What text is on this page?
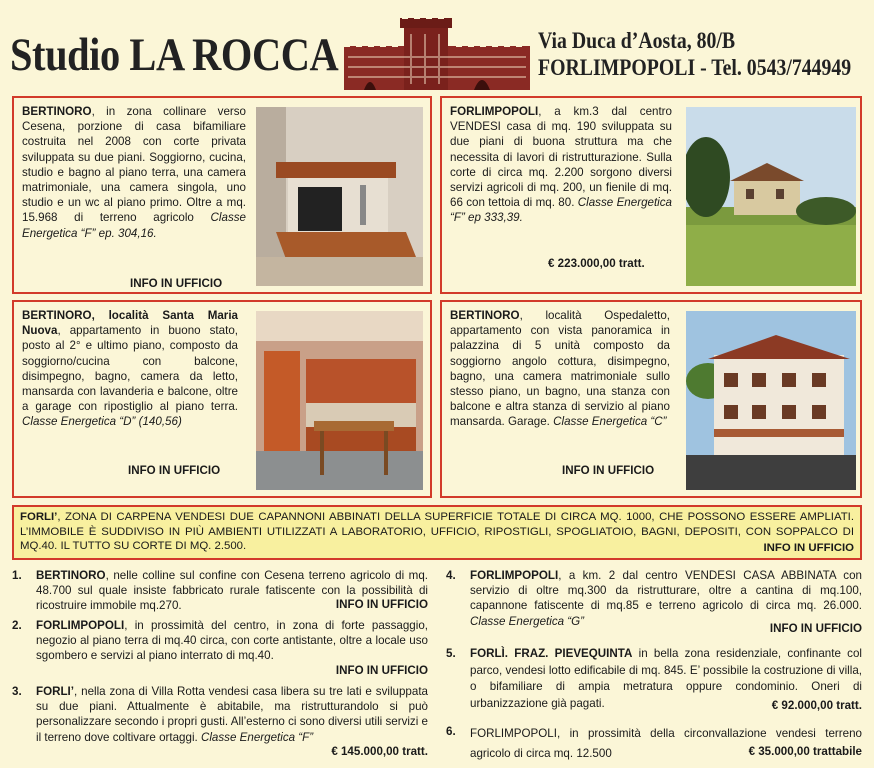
Studio LA ROCCA	Via Duca d’Aosta, 80/B
FORLIMPOPOLI - Tel. 0543/744949
BERTINORO, in zona collinare verso Cesena, porzione di casa bifamiliare costruita nel 2008 con corte privata sviluppata su due piani. Soggiorno, cucina, studio e bagno al piano terra, una camera matrimoniale, una camera singola, uno studio e un wc al piano primo. Oltre a mq. 15.968 di terreno agricolo Classe Energetica “F” ep. 304,16.
INFO IN UFFICIO
FORLIMPOPOLI, a km.3 dal centro VENDESI casa di mq. 190 sviluppata su due piani di buona struttura ma che necessita di lavori di ristrutturazione. Sulla corte di circa mq. 2.200 sorgono diversi servizi agricoli di mq. 200, un fienile di mq. 66 con tettoia di mq. 80. Classe Energetica “F” ep 333,39.
€ 223.000,00 tratt.
BERTINORO, località Santa Maria Nuova, appartamento in buono stato, posto al 2° e ultimo piano, composto da soggiorno/cucina con balcone, disimpegno, bagno, camera da letto, mansarda con lavanderia e balcone, oltre a garage con ripostiglio al piano terra. Classe Energetica “D” (140,56)
INFO IN UFFICIO
BERTINORO, località Ospedaletto, appartamento con vista panoramica in palazzina di 5 unità composto da soggiorno angolo cottura, disimpegno, bagno, una camera matrimoniale sullo stesso piano, un bagno, una stanza con balcone e altra stanza di servizio al piano mansarda. Garage. Classe Energetica “C”
INFO IN UFFICIO
FORLI’, ZONA DI CARPENA VENDESI DUE CAPANNONI ABBINATI DELLA SUPERFICIE TOTALE DI CIRCA MQ. 1000, CHE POSSONO ESSERE AMPLIATI. L’IMMOBILE È SUDDIVISO IN PIÙ AMBIENTI UTILIZZATI A LABORATORIO, UFFICIO, RIPOSTIGLI, SPOGLIATOIO, BAGNI, DEPOSITI, CON SOPPALCO DI MQ.40. IL TUTTO SU CORTE DI MQ. 2.500.	INFO IN UFFICIO
1. BERTINORO, nelle colline sul confine con Cesena terreno agricolo di mq. 48.700 sul quale insiste fabbricato rurale fatiscente con la possibilità di ricostruire immobile mq.270.	INFO IN UFFICIO
2. FORLIMPOPOLI, in prossimità del centro, in zona di forte passaggio, negozio al piano terra di mq.40 circa, con corte antistante, oltre a locale uso sgombero e servizi al piano interrato di mq.40.
INFO IN UFFICIO
3. FORLI’, nella zona di Villa Rotta vendesi casa libera su tre lati e sviluppata su due piani. Attualmente è abitabile, ma ristrutturandolo si può personalizzare secondo i propri gusti. All’esterno ci sono diversi utili servizi e il terreno dove coltivare ortaggi. Classe Energetica “F”
€ 145.000,00 tratt.
4. FORLIMPOPOLI, a km. 2 dal centro VENDESI CASA ABBINATA con servizio di oltre mq.300 da ristrutturare, oltre a cantina di mq.100, capannone fatiscente di mq.85 e terreno agricolo di circa mq. 26.000. Classe Energetica “G”
INFO IN UFFICIO
5. FORLÌ. FRAZ. PIEVEQUINTA in bella zona residenziale, confinante col parco, vendesi lotto edificabile di mq. 845. E’ possibile la costruzione di villa, o bifamiliare di ampia metratura oppure condominio. Oneri di urbanizzazione già pagati.	€ 92.000,00 tratt.
6. FORLIMPOPOLI, in prossimità della circonvallazione vendesi terreno agricolo di circa mq. 12.500	€ 35.000,00 trattabile
